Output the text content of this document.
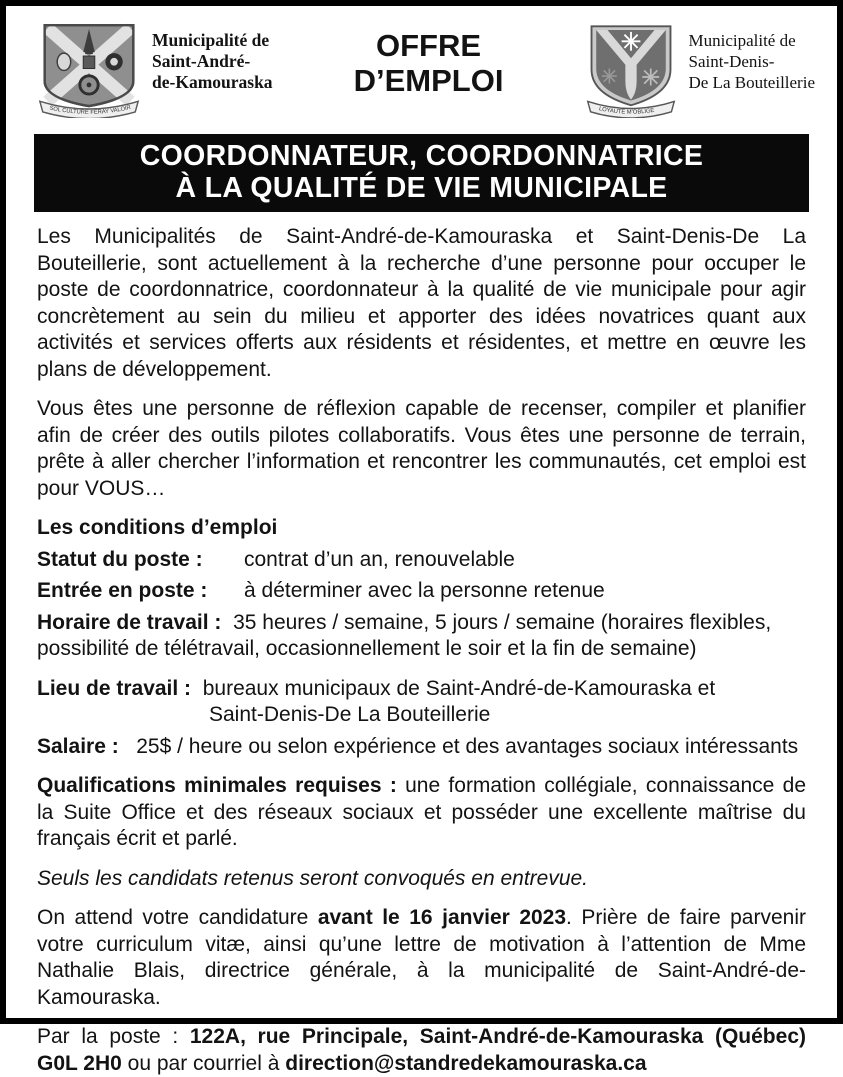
SOL CULTURE FERAY VALOIR
Municipalité de
Saint-André-
de-Kamouraska
OFFRE
D’EMPLOI
LOYAUTÉ M’OBLIGE
Municipalité de
Saint-Denis-
De La Bouteillerie
COORDONNATEUR, COORDONNATRICE
À LA QUALITÉ DE VIE MUNICIPALE

Les Municipalités de Saint-André-de-Kamouraska et Saint-Denis-De La Bouteillerie, sont actuellement à la recherche d’une personne pour occuper le poste de coordonnatrice, coordonnateur à la qualité de vie municipale pour agir concrètement au sein du milieu et apporter des idées novatrices quant aux activités et services offerts aux résidents et résidentes, et mettre en œuvre les plans de développement.

Vous êtes une personne de réflexion capable de recenser, compiler et planifier afin de créer des outils pilotes collaboratifs. Vous êtes une personne de terrain, prête à aller chercher l’information et rencontrer les communautés, cet emploi est pour VOUS…

Les conditions d’emploi

Statut du poste : contrat d’un an, renouvelable

Entrée en poste : à déterminer avec la personne retenue

Horaire de travail : 35 heures / semaine, 5 jours / semaine (horaires flexibles, possibilité de télétravail, occasionnellement le soir et la fin de semaine)

Lieu de travail : bureaux municipaux de Saint-André-de-Kamouraska et
Saint-Denis-De La Bouteillerie

Salaire : 25$ / heure ou selon expérience et des avantages sociaux intéressants

Qualifications minimales requises : une formation collégiale, connaissance de la Suite Office et des réseaux sociaux et posséder une excellente maîtrise du français écrit et parlé.

Seuls les candidats retenus seront convoqués en entrevue.

On attend votre candidature avant le 16 janvier 2023. Prière de faire parvenir votre curriculum vitæ, ainsi qu’une lettre de motivation à l’attention de Mme Nathalie Blais, directrice générale, à la municipalité de Saint-André-de-Kamouraska.

Par la poste : 122A, rue Principale, Saint-André-de-Kamouraska (Québec) G0L 2H0 ou par courriel à direction@standredekamouraska.ca
